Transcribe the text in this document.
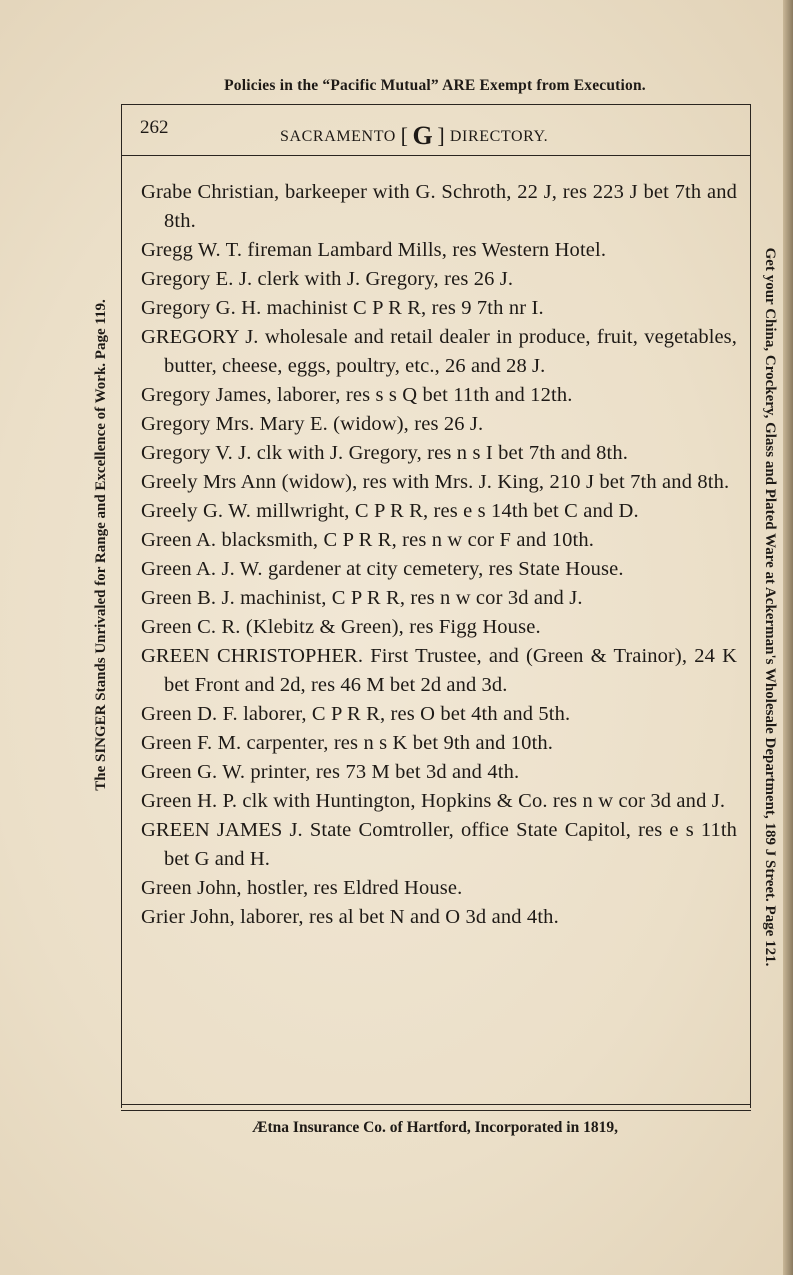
Policies in the “Pacific Mutual” ARE Exempt from Execution.
The SINGER Stands Unrivaled for Range and Excellence of Work. Page 119.	Get your China, Crockery, Glass and Plated Ware at Ackerman's Wholesale Department, 189 J Street. Page 121.
262	SACRAMENTO [ G ] DIRECTORY.
Grabe Christian, barkeeper with G. Schroth, 22 J, res 223 J bet 7th and 8th.
Gregg W. T. fireman Lambard Mills, res Western Hotel.
Gregory E. J. clerk with J. Gregory, res 26 J.
Gregory G. H. machinist C P R R, res 9 7th nr I.
GREGORY J. wholesale and retail dealer in produce, fruit, vegetables, butter, cheese, eggs, poultry, etc., 26 and 28 J.
Gregory James, laborer, res s s Q bet 11th and 12th.
Gregory Mrs. Mary E. (widow), res 26 J.
Gregory V. J. clk with J. Gregory, res n s I bet 7th and 8th.
Greely Mrs Ann (widow), res with Mrs. J. King, 210 J bet 7th and 8th.
Greely G. W. millwright, C P R R, res e s 14th bet C and D.
Green A. blacksmith, C P R R, res n w cor F and 10th.
Green A. J. W. gardener at city cemetery, res State House.
Green B. J. machinist, C P R R, res n w cor 3d and J.
Green C. R. (Klebitz & Green), res Figg House.
GREEN CHRISTOPHER. First Trustee, and (Green & Trainor), 24 K bet Front and 2d, res 46 M bet 2d and 3d.
Green D. F. laborer, C P R R, res O bet 4th and 5th.
Green F. M. carpenter, res n s K bet 9th and 10th.
Green G. W. printer, res 73 M bet 3d and 4th.
Green H. P. clk with Huntington, Hopkins & Co. res n w cor 3d and J.
GREEN JAMES J. State Comtroller, office State Capitol, res e s 11th bet G and H.
Green John, hostler, res Eldred House.
Grier John, laborer, res al bet N and O 3d and 4th.
Ætna Insurance Co. of Hartford, Incorporated in 1819,
